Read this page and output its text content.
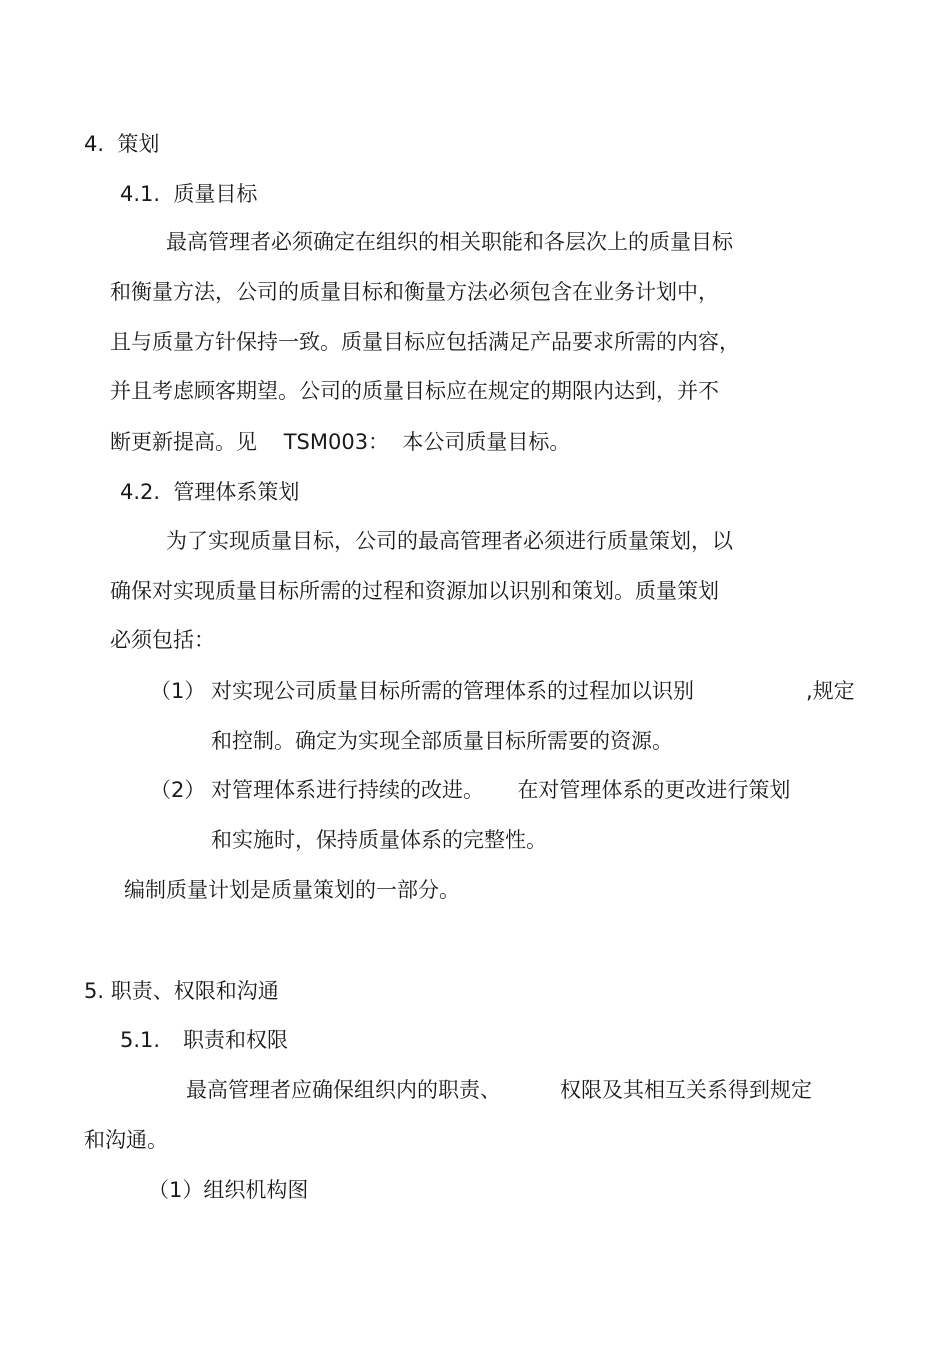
4.  策划
4.1.  质量目标
最高管理者必须确定在组织的相关职能和各层次上的质量目标
和衡量方法，公司的质量目标和衡量方法必须包含在业务计划中，
且与质量方针保持一致。质量目标应包括满足产品要求所需的内容，
并且考虑顾客期望。公司的质量目标应在规定的期限内达到，并不
断更新提高。见    TSM003：  本公司质量目标。
4.2.  管理体系策划
为了实现质量目标，公司的最高管理者必须进行质量策划，以
确保对实现质量目标所需的过程和资源加以识别和策划。质量策划
必须包括：
（1） 对实现公司质量目标所需的管理体系的过程加以识别	,规定
和控制。确定为实现全部质量目标所需要的资源。
（2） 对管理体系进行持续的改进。     在对管理体系的更改进行策划
和实施时，保持质量体系的完整性。
编制质量计划是质量策划的一部分。
5. 职责、权限和沟通
5.1. 职责和权限
最高管理者应确保组织内的职责、	权限及其相互关系得到规定
和沟通。
（1）组织机构图
